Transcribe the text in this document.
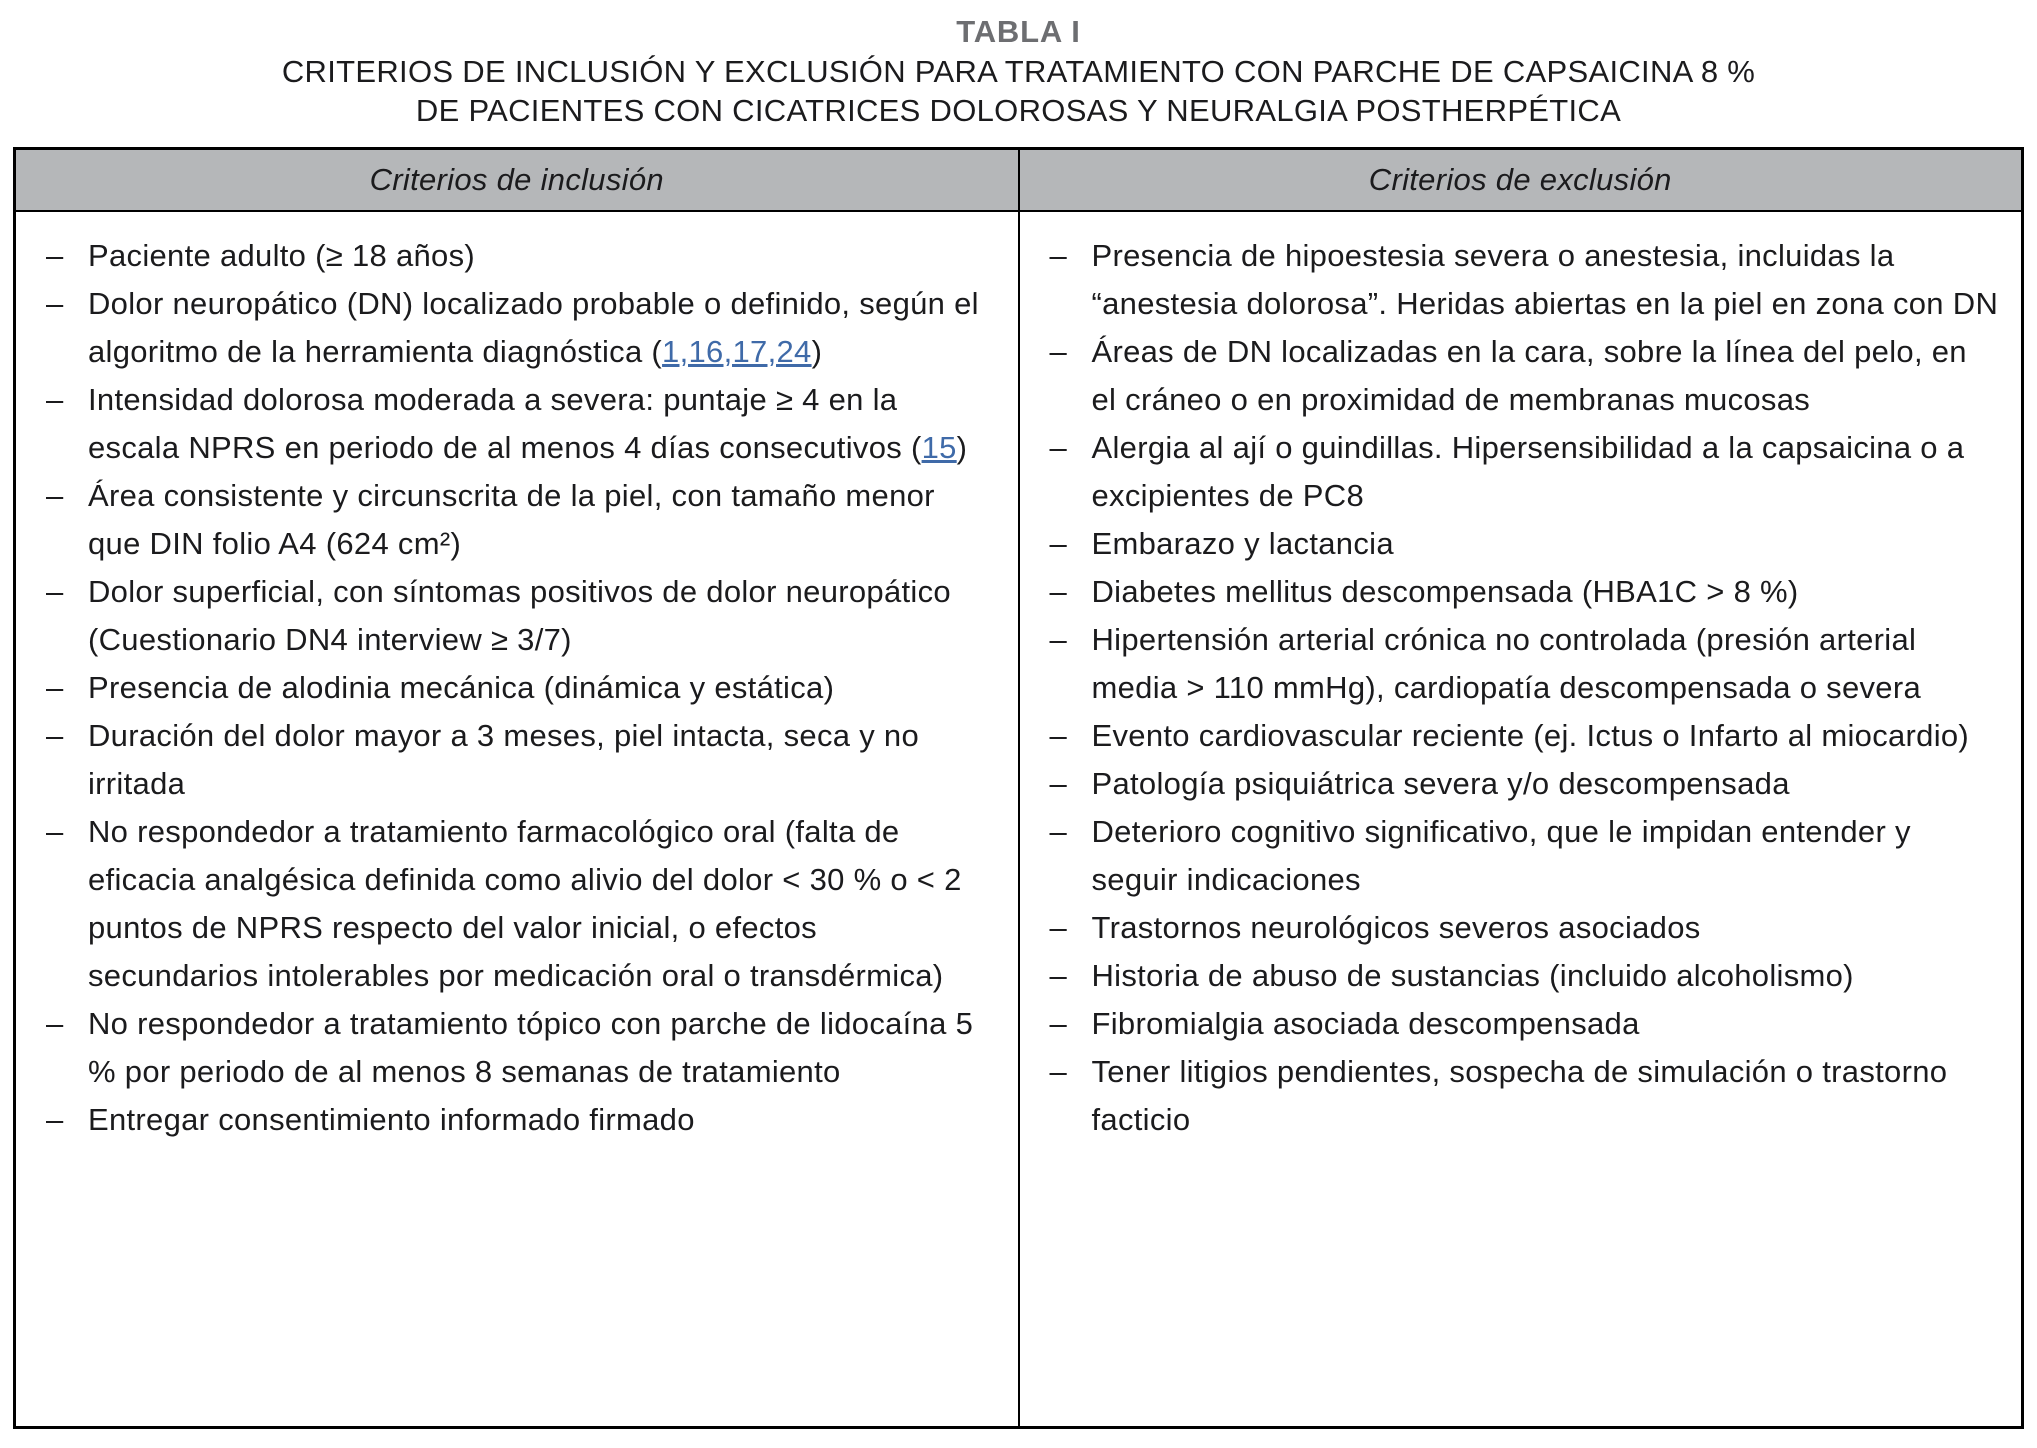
TABLA I
CRITERIOS DE INCLUSIÓN Y EXCLUSIÓN PARA TRATAMIENTO CON PARCHE DE CAPSAICINA 8 %
DE PACIENTES CON CICATRICES DOLOROSAS Y NEURALGIA POSTHERPÉTICA
Criterios de inclusión	Criterios de exclusión

– Paciente adulto (≥ 18 años)
– Dolor neuropático (DN) localizado probable o definido, según el algoritmo de la herramienta diagnóstica (1,16,17,24)
– Intensidad dolorosa moderada a severa: puntaje ≥ 4 en la escala NPRS en periodo de al menos 4 días consecutivos (15)
– Área consistente y circunscrita de la piel, con tamaño menor que DIN folio A4 (624 cm²)
– Dolor superficial, con síntomas positivos de dolor neuropático (Cuestionario DN4 interview ≥ 3/7)
– Presencia de alodinia mecánica (dinámica y estática)
– Duración del dolor mayor a 3 meses, piel intacta, seca y no irritada
– No respondedor a tratamiento farmacológico oral (falta de eficacia analgésica definida como alivio del dolor < 30 % o < 2 puntos de NPRS respecto del valor inicial, o efectos secundarios intolerables por medicación oral o transdérmica)
– No respondedor a tratamiento tópico con parche de lidocaína 5 % por periodo de al menos 8 semanas de tratamiento
– Entregar consentimiento informado firmado

– Presencia de hipoestesia severa o anestesia, incluidas la “anestesia dolorosa”. Heridas abiertas en la piel en zona con DN
– Áreas de DN localizadas en la cara, sobre la línea del pelo, en el cráneo o en proximidad de membranas mucosas
– Alergia al ají o guindillas. Hipersensibilidad a la capsaicina o a excipientes de PC8
– Embarazo y lactancia
– Diabetes mellitus descompensada (HBA1C > 8 %)
– Hipertensión arterial crónica no controlada (presión arterial media > 110 mmHg), cardiopatía descompensada o severa
– Evento cardiovascular reciente (ej. Ictus o Infarto al miocardio)
– Patología psiquiátrica severa y/o descompensada
– Deterioro cognitivo significativo, que le impidan entender y seguir indicaciones
– Trastornos neurológicos severos asociados
– Historia de abuso de sustancias (incluido alcoholismo)
– Fibromialgia asociada descompensada
– Tener litigios pendientes, sospecha de simulación o trastorno facticio
